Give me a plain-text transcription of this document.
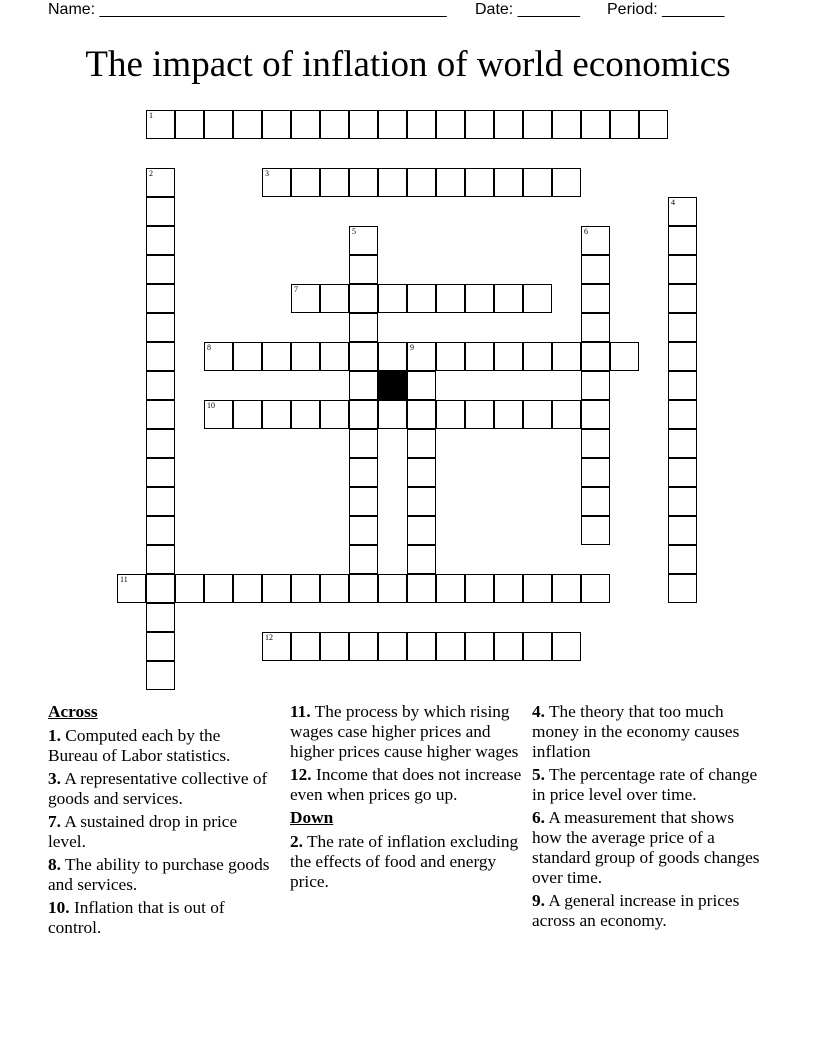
Name: _______________________________________ Date: _______ Period: _______
The impact of inflation of world economics
1
2	3
4
5	6
7
8	9
10
11
12
Across
1. Computed each by the Bureau of Labor statistics.
3. A representative collective of goods and services.
7. A sustained drop in price level.
8. The ability to purchase goods and services.
10. Inflation that is out of control.
11. The process by which rising wages case higher prices and higher prices cause higher wages
12. Income that does not increase even when prices go up.
Down
2. The rate of inflation excluding the effects of food and energy price.
4. The theory that too much money in the economy causes inflation
5. The percentage rate of change in price level over time.
6. A measurement that shows how the average price of a standard group of goods changes over time.
9. A general increase in prices across an economy.
